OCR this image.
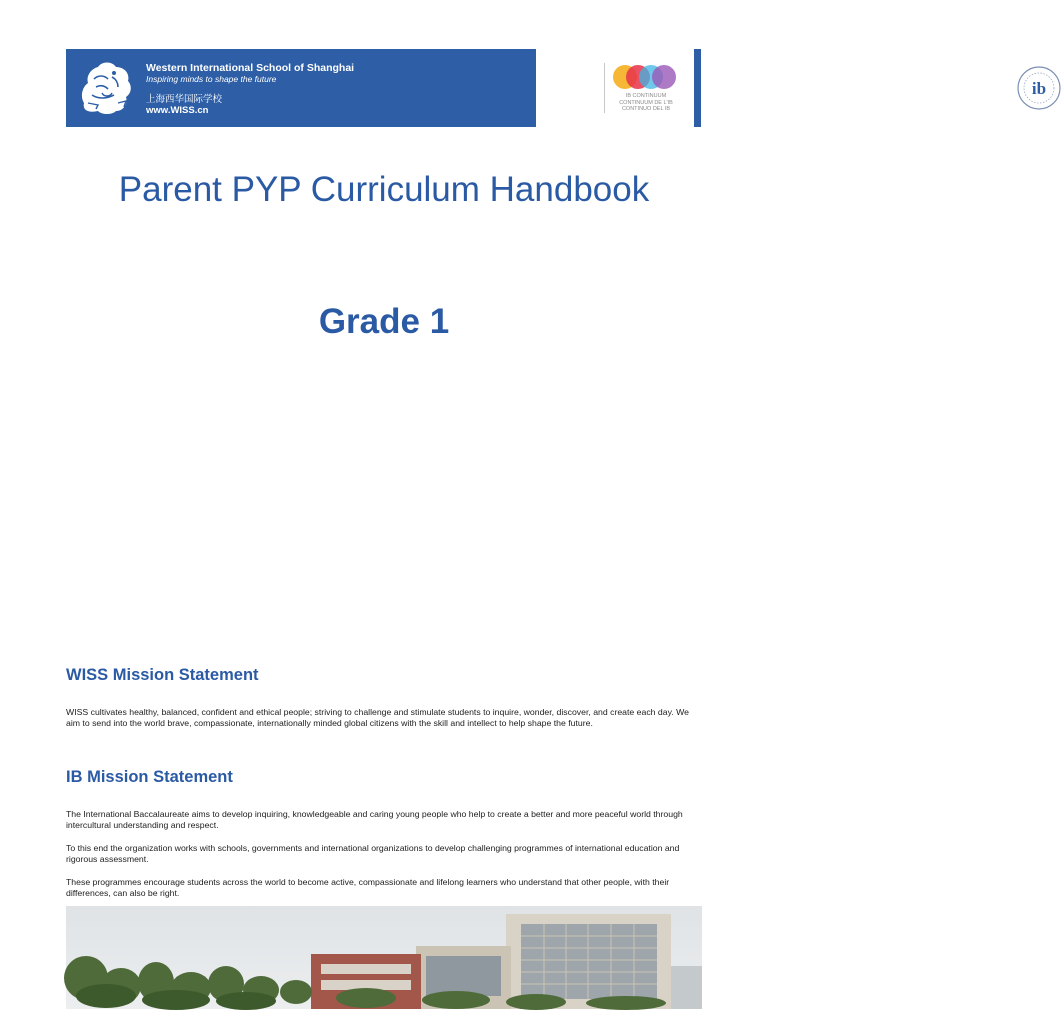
Western International School of Shanghai
Inspiring minds to shape the future
上海西华国际学校
www.WISS.cn
ib
IB CONTINUUM
CONTINUUM DE L'IB
CONTINUO DEL IB
Parent PYP Curriculum Handbook
Grade 1
WISS Mission Statement
WISS cultivates healthy, balanced, confident and ethical people; striving to challenge and stimulate students to inquire, wonder, discover, and create each day. We aim to send into the world brave, compassionate, internationally minded global citizens with the skill and intellect to help shape the future.
IB Mission Statement
The International Baccalaureate aims to develop inquiring, knowledgeable and caring young people who help to create a better and more peaceful world through intercultural understanding and respect.
To this end the organization works with schools, governments and international organizations to develop challenging programmes of international education and rigorous assessment.
These programmes encourage students across the world to become active, compassionate and lifelong learners who understand that other people, with their differences, can also be right.
